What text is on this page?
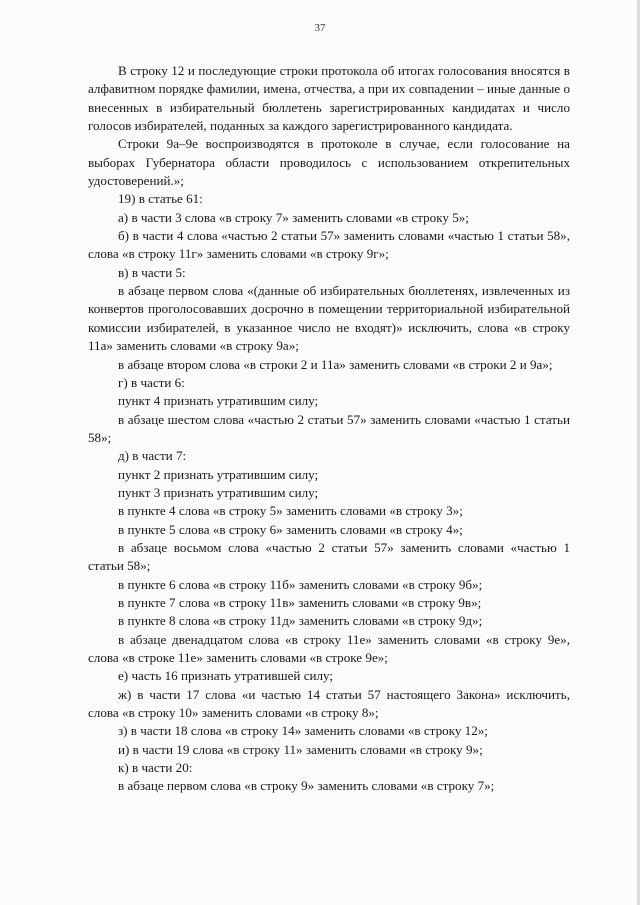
37

В строку 12 и последующие строки протокола об итогах голосования вносятся в алфавитном порядке фамилии, имена, отчества, а при их совпадении – иные данные о внесенных в избирательный бюллетень зарегистрированных кандидатах и число голосов избирателей, поданных за каждого зарегистрированного кандидата.

Строки 9а–9е воспроизводятся в протоколе в случае, если голосование на выборах Губернатора области проводилось с использованием открепительных удостоверений.»;

19) в статье 61:

а) в части 3 слова «в строку 7» заменить словами «в строку 5»;

б) в части 4 слова «частью 2 статьи 57» заменить словами «частью 1 статьи 58», слова «в строку 11г» заменить словами «в строку 9г»;

в) в части 5:

в абзаце первом слова «(данные об избирательных бюллетенях, извлеченных из конвертов проголосовавших досрочно в помещении территориальной избирательной комиссии избирателей, в указанное число не входят)» исключить, слова «в строку 11а» заменить словами «в строку 9а»;

в абзаце втором слова «в строки 2 и 11а» заменить словами «в строки 2 и 9а»;

г) в части 6:

пункт 4 признать утратившим силу;

в абзаце шестом слова «частью 2 статьи 57» заменить словами «частью 1 статьи 58»;

д) в части 7:

пункт 2 признать утратившим силу;

пункт 3 признать утратившим силу;

в пункте 4 слова «в строку 5» заменить словами «в строку 3»;

в пункте 5 слова «в строку 6» заменить словами «в строку 4»;

в абзаце восьмом слова «частью 2 статьи 57» заменить словами «частью 1 статьи 58»;

в пункте 6 слова «в строку 11б» заменить словами «в строку 9б»;

в пункте 7 слова «в строку 11в» заменить словами «в строку 9в»;

в пункте 8 слова «в строку 11д» заменить словами «в строку 9д»;

в абзаце двенадцатом слова «в строку 11е» заменить словами «в строку 9е», слова «в строке 11е» заменить словами «в строке 9е»;

е) часть 16 признать утратившей силу;

ж) в части 17 слова «и частью 14 статьи 57 настоящего Закона» исключить, слова «в строку 10» заменить словами «в строку 8»;

з) в части 18 слова «в строку 14» заменить словами «в строку 12»;

и) в части 19 слова «в строку 11» заменить словами «в строку 9»;

к) в части 20:

в абзаце первом слова «в строку 9» заменить словами «в строку 7»;
